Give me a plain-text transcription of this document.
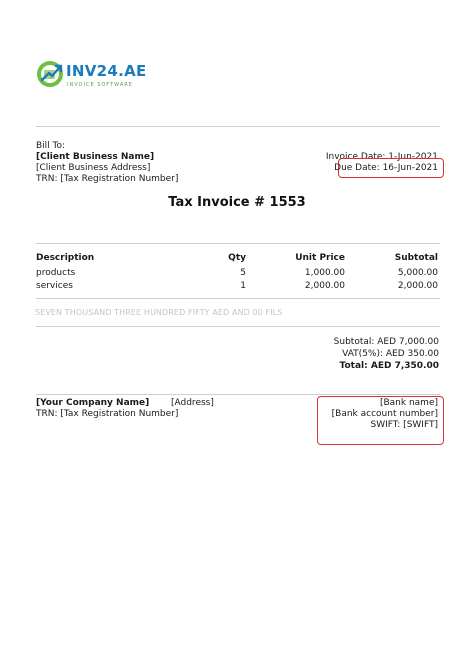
INV24.AE
INVOICE SOFTWARE
Bill To:
[Client Business Name]
[Client Business Address]
TRN: [Tax Registration Number]
Invoice Date: 1-Jun-2021
Due Date: 16-Jun-2021
Tax Invoice # 1553
Description	Qty	Unit Price	Subtotal
products	5	1,000.00	5,000.00
services	1	2,000.00	2,000.00
SEVEN THOUSAND THREE HUNDRED FIFTY AED AND 00 FILS
Subtotal: AED 7,000.00
VAT(5%): AED 350.00
Total: AED 7,350.00
[Your Company Name]
TRN: [Tax Registration Number]
[Address]	[Bank name]
[Bank account number]
SWIFT: [SWIFT]
